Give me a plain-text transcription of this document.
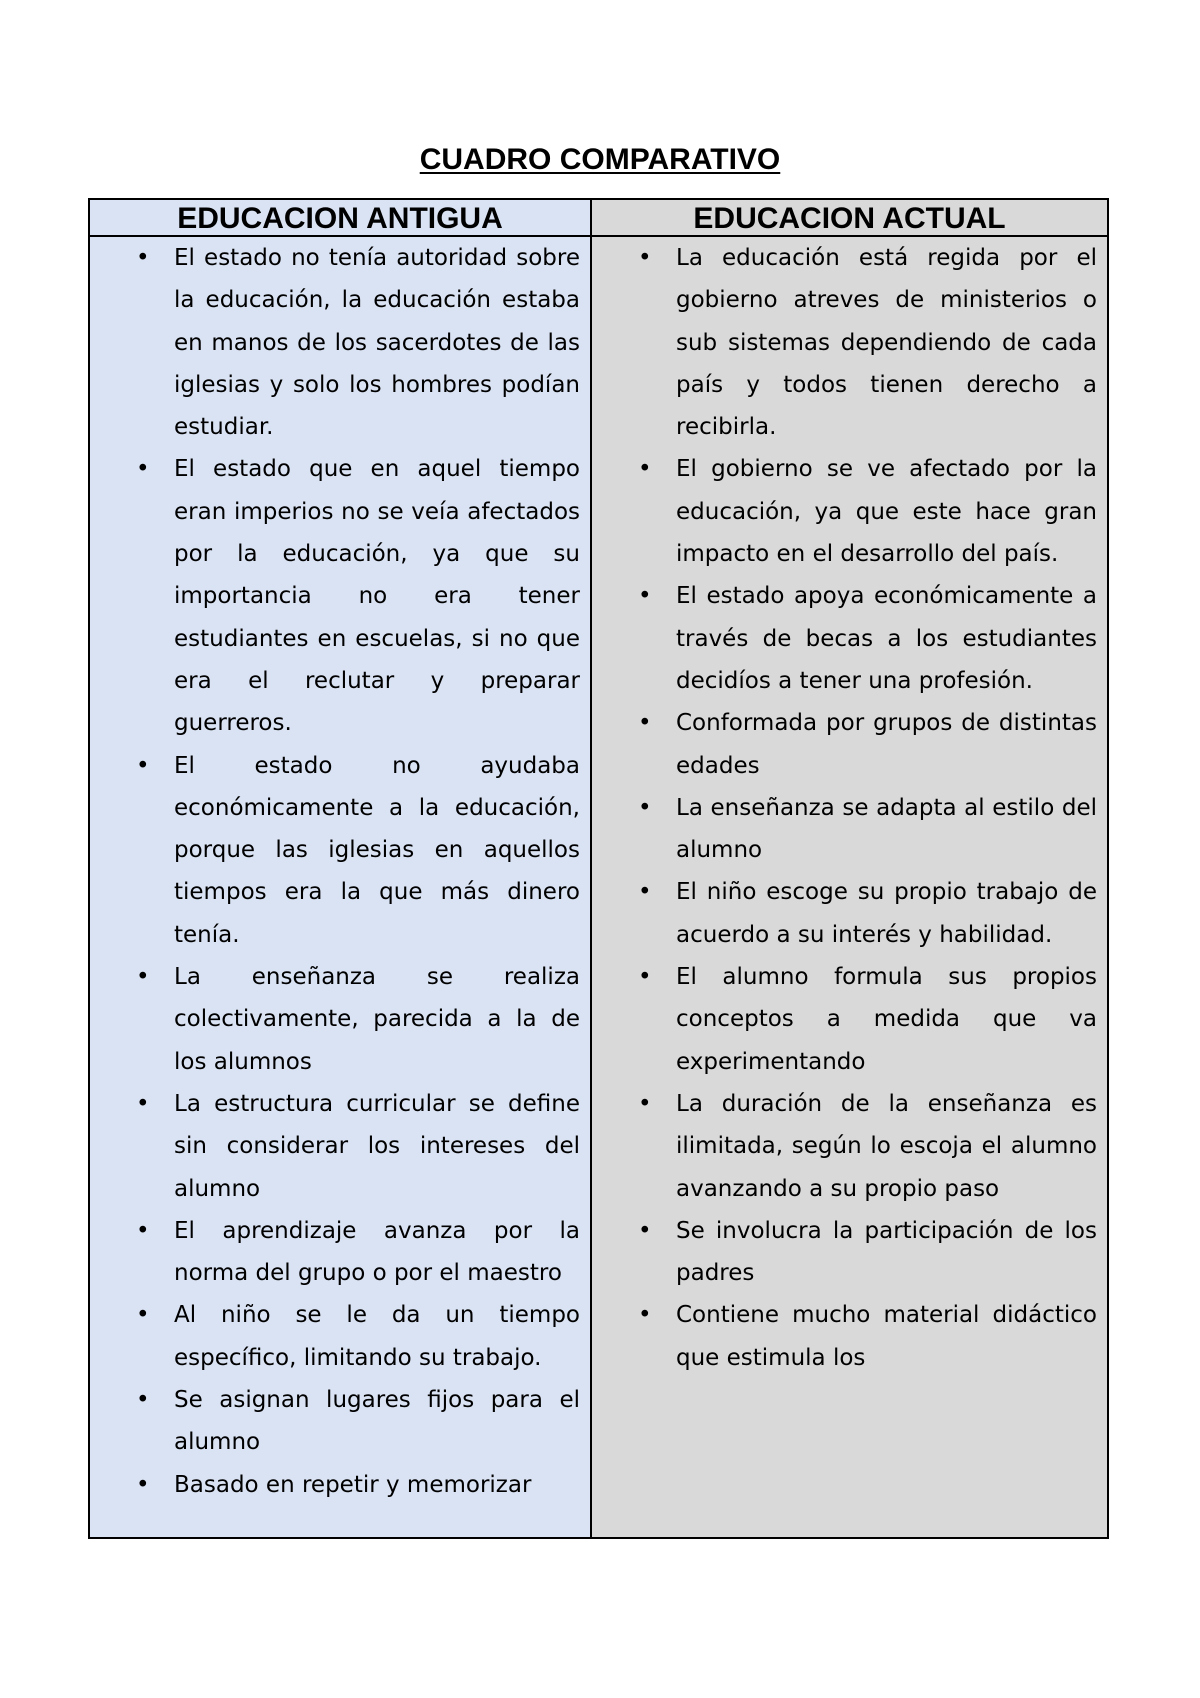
CUADRO COMPARATIVO
EDUCACION ANTIGUA	EDUCACION ACTUAL
• El estado no tenía autoridad sobre la educación, la educación estaba en manos de los sacerdotes de las iglesias y solo los hombres podían estudiar.
• El estado que en aquel tiempo eran imperios no se veía afectados por la educación, ya que su importancia no era tener estudiantes en escuelas, si no que era el reclutar y preparar guerreros.
• El estado no ayudaba económicamente a la educación, porque las iglesias en aquellos tiempos era la que más dinero tenía.
• La enseñanza se realiza colectivamente, parecida a la de los alumnos
• La estructura curricular se define sin considerar los intereses del alumno
• El aprendizaje avanza por la norma del grupo o por el maestro
• Al niño se le da un tiempo específico, limitando su trabajo.
• Se asignan lugares fijos para el alumno
• Basado en repetir y memorizar
• La educación está regida por el gobierno atreves de ministerios o sub sistemas dependiendo de cada país y todos tienen derecho a recibirla.
• El gobierno se ve afectado por la educación, ya que este hace gran impacto en el desarrollo del país.
• El estado apoya económicamente a través de becas a los estudiantes decidíos a tener una profesión.
• Conformada por grupos de distintas edades
• La enseñanza se adapta al estilo del alumno
• El niño escoge su propio trabajo de acuerdo a su interés y habilidad.
• El alumno formula sus propios conceptos a medida que va experimentando
• La duración de la enseñanza es ilimitada, según lo escoja el alumno avanzando a su propio paso
• Se involucra la participación de los padres
• Contiene mucho material didáctico que estimula los
